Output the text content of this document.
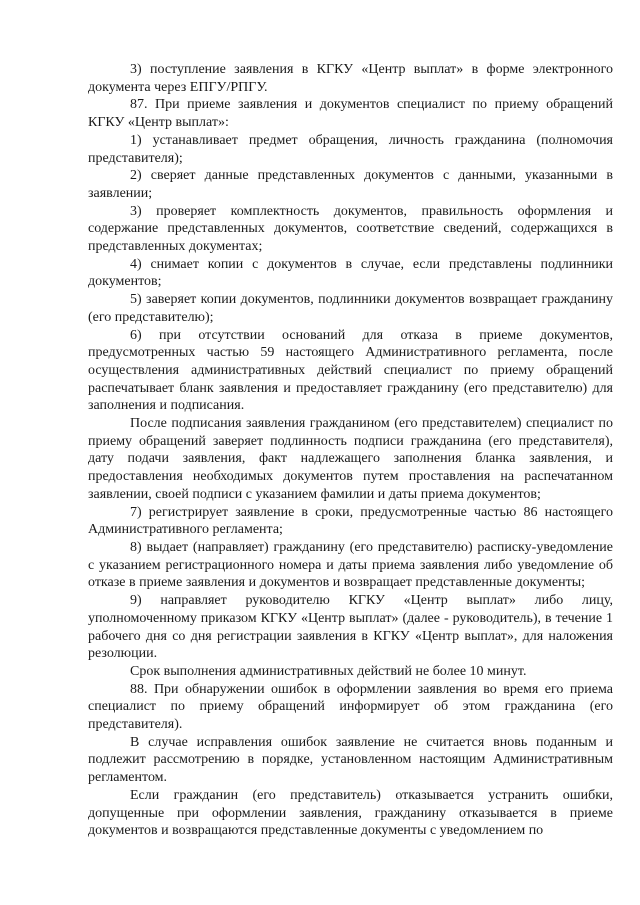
3) поступление заявления в КГКУ «Центр выплат» в форме электронного документа через ЕПГУ/РПГУ.

87. При приеме заявления и документов специалист по приему обращений КГКУ «Центр выплат»:

1) устанавливает предмет обращения, личность гражданина (полномочия представителя);

2) сверяет данные представленных документов с данными, указанными в заявлении;

3) проверяет комплектность документов, правильность оформления и содержание представленных документов, соответствие сведений, содержащихся в представленных документах;

4) снимает копии с документов в случае, если представлены подлинники документов;

5) заверяет копии документов, подлинники документов возвращает гражданину (его представителю);

6) при отсутствии оснований для отказа в приеме документов, предусмотренных частью 59 настоящего Административного регламента, после осуществления административных действий специалист по приему обращений распечатывает бланк заявления и предоставляет гражданину (его представителю) для заполнения и подписания.

После подписания заявления гражданином (его представителем) специалист по приему обращений заверяет подлинность подписи гражданина (его представителя), дату подачи заявления, факт надлежащего заполнения бланка заявления, и предоставления необходимых документов путем проставления на распечатанном заявлении, своей подписи с указанием фамилии и даты приема документов;

7) регистрирует заявление в сроки, предусмотренные частью 86 настоящего Административного регламента;

8) выдает (направляет) гражданину (его представителю) расписку-уведомление с указанием регистрационного номера и даты приема заявления либо уведомление об отказе в приеме заявления и документов и возвращает представленные документы;

9) направляет руководителю КГКУ «Центр выплат» либо лицу, уполномоченному приказом КГКУ «Центр выплат» (далее - руководитель), в течение 1 рабочего дня со дня регистрации заявления в КГКУ «Центр выплат», для наложения резолюции.

Срок выполнения административных действий не более 10 минут.

88. При обнаружении ошибок в оформлении заявления во время его приема специалист по приему обращений информирует об этом гражданина (его представителя).

В случае исправления ошибок заявление не считается вновь поданным и подлежит рассмотрению в порядке, установленном настоящим Административным регламентом.

Если гражданин (его представитель) отказывается устранить ошибки, допущенные при оформлении заявления, гражданину отказывается в приеме документов и возвращаются представленные документы с уведомлением по
